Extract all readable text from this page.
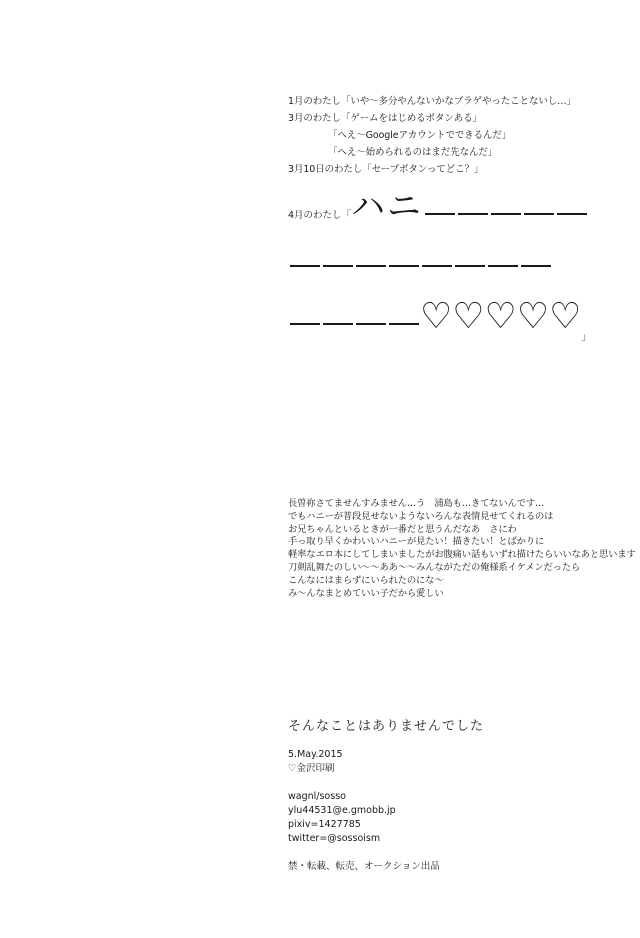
1月のわたし「いや〜多分やんないかなブラゲやったことないし…」
3月のわたし「ゲームをはじめるボタンある」
「へえ〜Googleアカウントでできるんだ」
「へえ〜始められるのはまだ先なんだ」
3月10日のわたし「セーブボタンってどこ？」
4月のわたし「ハニ
$♡♡♡♡♡_」$
長曽祢さてませんすみません…う　浦島も…きてないんです…
でもハニーが普段見せないようないろんな表情見せてくれるのは
お兄ちゃんといるときが一番だと思うんだなあ　さにわ
手っ取り早くかわいいハニーが見たい！描きたい！とばかりに
軽率なエロ本にしてしまいましたがお腹痛い話もいずれ描けたらいいなあと思います
刀剣乱舞たのしい〜〜ああ〜〜みんながただの俺様系イケメンだったら
こんなにはまらずにいられたのにな〜
み〜んなまとめていい子だから愛しい
そんなことはありませんでした
5.May.2015
♡金沢印刷
wagnl/sosso
ylu44531@e.gmobb.jp
pixiv=1427785
twitter=@sossoism
禁・転載、転売、オークション出品
